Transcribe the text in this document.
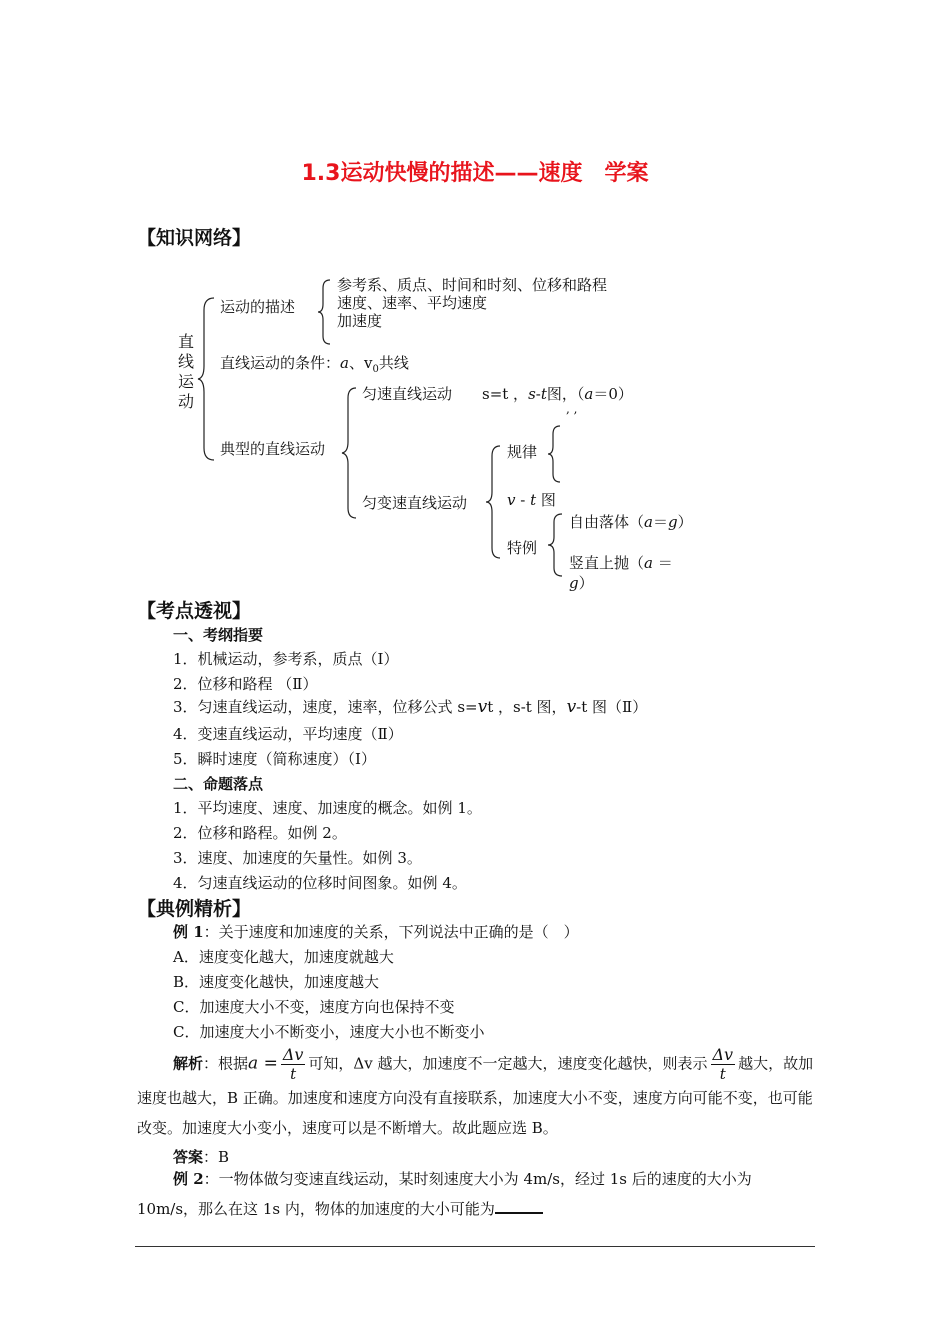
1.3运动快慢的描述——速度　学案
【知识网络】
直
线
运
动
运动的描述
参考系、质点、时间和时刻、位移和路程
速度、速率、平均速度
加速度
直线运动的条件：a、$v_0$共线
典型的直线运动
匀速直线运动 s=t ，s-t图，（a＝0）
, ,
匀变速直线运动
规律
v - t 图
特例
自由落体（a＝g）
竖直上抛（a ＝ g）
【考点透视】
一、考纲指要
1．机械运动，参考系，质点（Ⅰ）
2．位移和路程 （Ⅱ）
3．匀速直线运动，速度，速率，位移公式 s=vt ，s-t 图，v-t 图（Ⅱ）
4．变速直线运动，平均速度（Ⅱ）
5．瞬时速度（简称速度）（Ⅰ）
二、命题落点
1．平均速度、速度、加速度的概念。如例 1。
2．位移和路程。如例 2。
3．速度、加速度的矢量性。如例 3。
4．匀速直线运动的位移时间图象。如例 4。
【典例精析】
例 1：关于速度和加速度的关系，下列说法中正确的是（　）
A．速度变化越大，加速度就越大
B．速度变化越快，加速度越大
C．加速度大小不变，速度方向也保持不变
C．加速度大小不断变小，速度大小也不断变小
解析：根据$a = \frac{\Delta v}{t}$ 可知，Δv 越大，加速度不一定越大，速度变化越快，则表示 $\frac{\Delta v}{t}$ 越大，故加速度也越大，B 正确。加速度和速度方向没有直接联系，加速度大小不变，速度方向可能不变，也可能改变。加速度大小变小，速度可以是不断增大。故此题应选 B。
答案：B
例 2：一物体做匀变速直线运动，某时刻速度大小为 4m/s，经过 1s 后的速度的大小为 10m/s，那么在这 1s 内，物体的加速度的大小可能为
